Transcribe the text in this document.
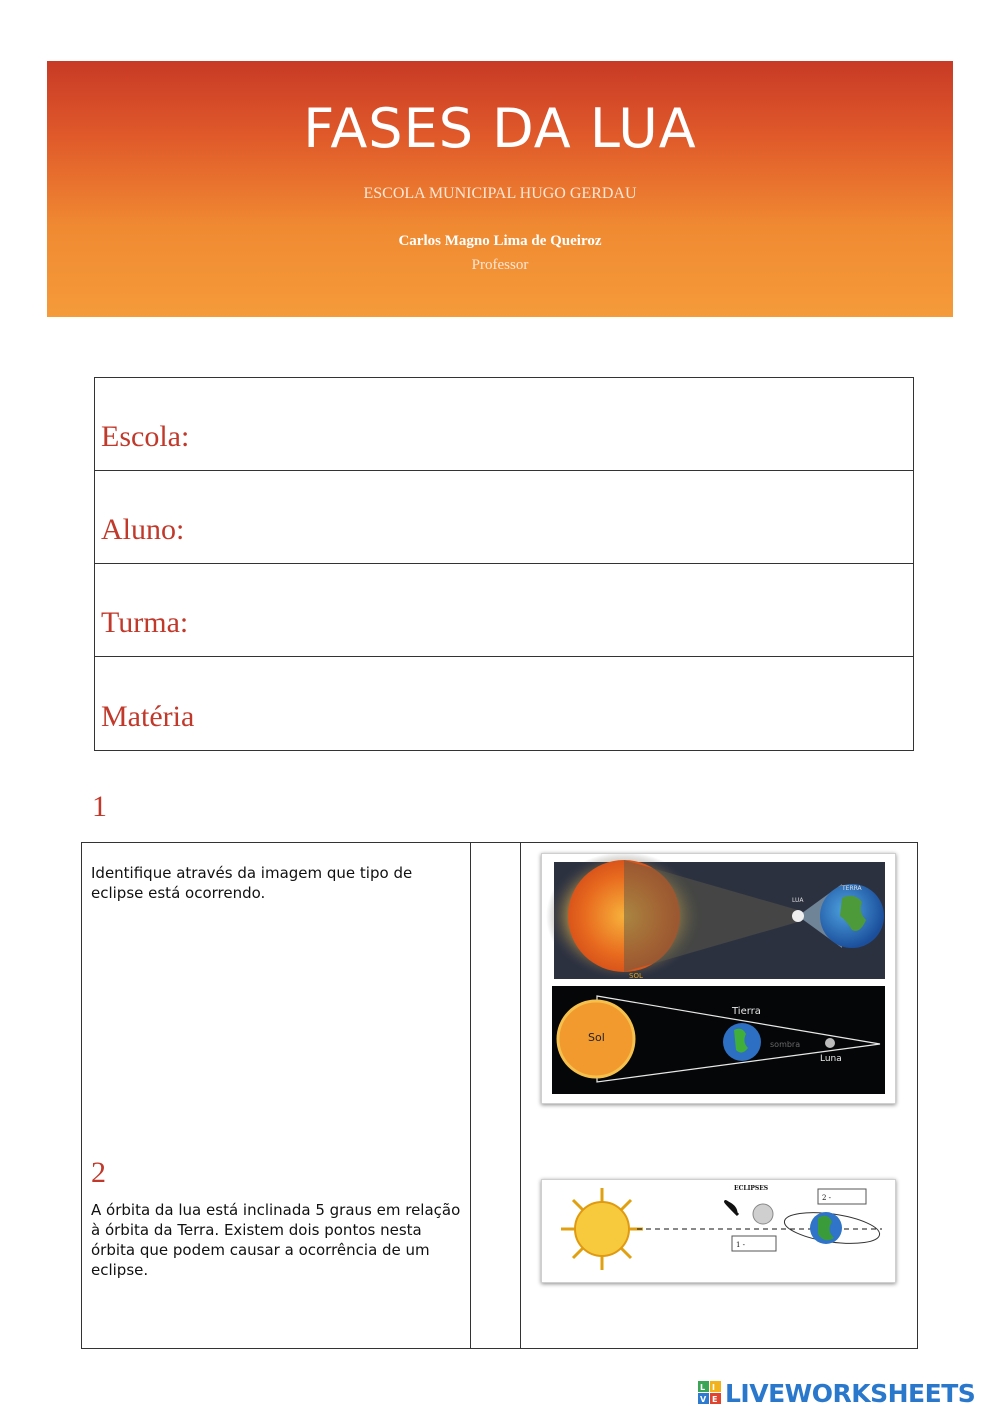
FASES DA LUA
ESCOLA MUNICIPAL HUGO GERDAU
Carlos Magno Lima de Queiroz
Professor
Escola:
Aluno:
Turma:
Matéria
1
Identifique através da imagem que tipo de eclipse está ocorrendo.
2
A órbita da lua está inclinada 5 graus em relação à órbita da Terra. Existem dois pontos nesta órbita que podem causar a ocorrência de um eclipse.
SOL
LUA
TERRA
Sol
Tierra
sombra
Luna
ECLIPSES
1 -
2 -
L I
V E LIVEWORKSHEETS
